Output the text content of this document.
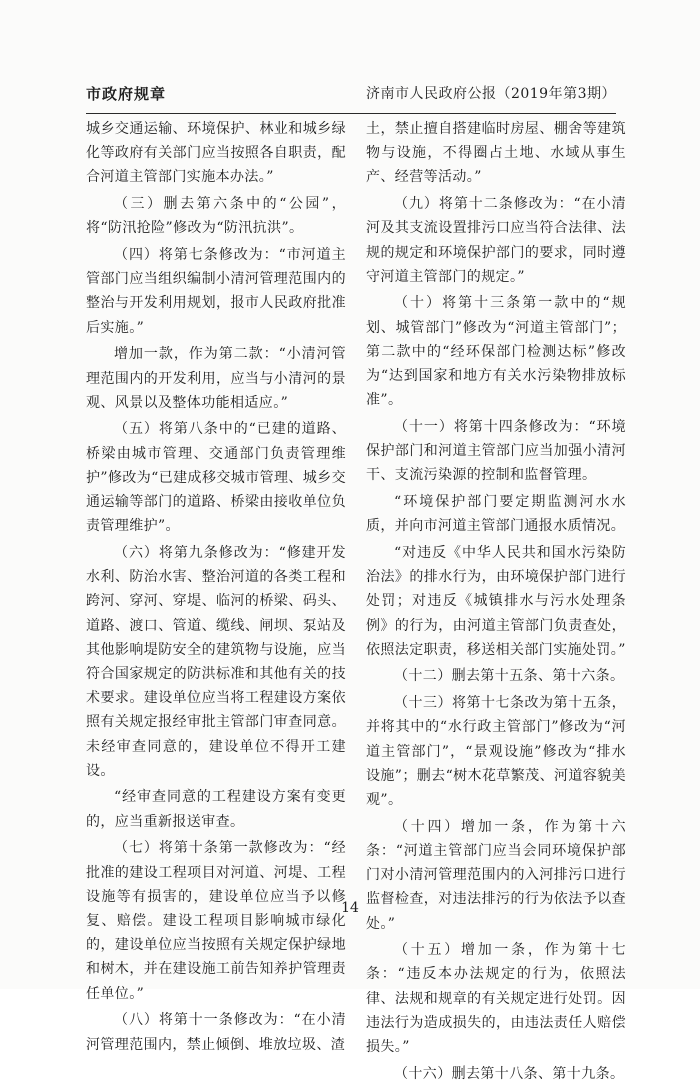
市政府规章	济南市人民政府公报（2019年第3期）

城乡交通运输、环境保护、林业和城乡绿化等政府有关部门应当按照各自职责，配合河道主管部门实施本办法。”

（三）删去第六条中的“公园”，将“防汛抢险”修改为“防汛抗洪”。

（四）将第七条修改为：“市河道主管部门应当组织编制小清河管理范围内的整治与开发利用规划，报市人民政府批准后实施。”

增加一款，作为第二款：“小清河管理范围内的开发利用，应当与小清河的景观、风景以及整体功能相适应。”

（五）将第八条中的“已建的道路、桥梁由城市管理、交通部门负责管理维护”修改为“已建成移交城市管理、城乡交通运输等部门的道路、桥梁由接收单位负责管理维护”。

（六）将第九条修改为：“修建开发水利、防治水害、整治河道的各类工程和跨河、穿河、穿堤、临河的桥梁、码头、道路、渡口、管道、缆线、闸坝、泵站及其他影响堤防安全的建筑物与设施，应当符合国家规定的防洪标准和其他有关的技术要求。建设单位应当将工程建设方案依照有关规定报经审批主管部门审查同意。未经审查同意的，建设单位不得开工建设。

“经审查同意的工程建设方案有变更的，应当重新报送审查。

（七）将第十条第一款修改为：“经批准的建设工程项目对河道、河堤、工程设施等有损害的，建设单位应当予以修复、赔偿。建设工程项目影响城市绿化的，建设单位应当按照有关规定保护绿地和树木，并在建设施工前告知养护管理责任单位。”

（八）将第十一条修改为：“在小清河管理范围内，禁止倾倒、堆放垃圾、渣

土，禁止擅自搭建临时房屋、棚舍等建筑物与设施，不得圈占土地、水域从事生产、经营等活动。”

（九）将第十二条修改为：“在小清河及其支流设置排污口应当符合法律、法规的规定和环境保护部门的要求，同时遵守河道主管部门的规定。”

（十）将第十三条第一款中的“规划、城管部门”修改为“河道主管部门”；第二款中的“经环保部门检测达标”修改为“达到国家和地方有关水污染物排放标准”。

（十一）将第十四条修改为：“环境保护部门和河道主管部门应当加强小清河干、支流污染源的控制和监督管理。

“环境保护部门要定期监测河水水质，并向市河道主管部门通报水质情况。

“对违反《中华人民共和国水污染防治法》的排水行为，由环境保护部门进行处罚；对违反《城镇排水与污水处理条例》的行为，由河道主管部门负责查处，依照法定职责，移送相关部门实施处罚。”

（十二）删去第十五条、第十六条。

（十三）将第十七条改为第十五条，并将其中的“水行政主管部门”修改为“河道主管部门”，“景观设施”修改为“排水设施”；删去“树木花草繁茂、河道容貌美观”。

（十四）增加一条，作为第十六条：“河道主管部门应当会同环境保护部门对小清河管理范围内的入河排污口进行监督检查，对违法排污的行为依法予以查处。”

（十五）增加一条，作为第十七条：“违反本办法规定的行为，依照法律、法规和规章的有关规定进行处罚。因违法行为造成损失的，由违法责任人赔偿损失。”

（十六）删去第十八条、第十九条。

14
